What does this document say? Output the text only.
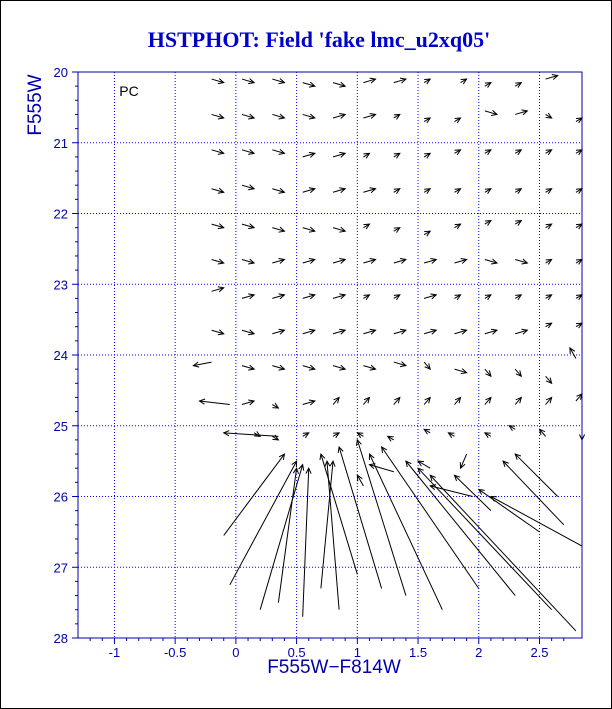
HSTPHOT: Field 'fake lmc_u2xq05'
-1	-0.5	0	0.5	1	1.5	2	2.5
20
21
22
23
24
25
26
27
28
PC
F555W−F814W
F555W
